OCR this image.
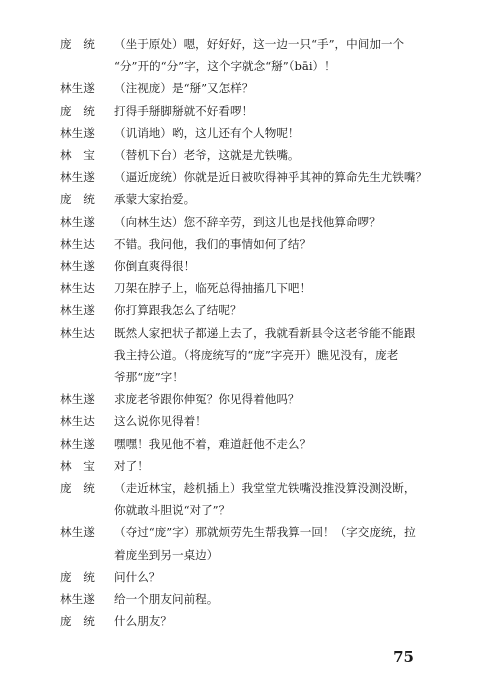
庞　统	（坐于原处）嗯，好好好，这一边一只“手”，中间加一个
“分”开的“分”字，这个字就念“掰”（bāi）！
林生遂	（注视庞）是“掰”又怎样？
庞　统	打得手掰脚掰就不好看啰！
林生遂	（讥诮地）哟，这儿还有个人物呢！
林　宝	（替机下台）老爷，这就是尤铁嘴。
林生遂	（逼近庞统）你就是近日被吹得神乎其神的算命先生尤铁嘴？
庞　统	承蒙大家抬爱。
林生遂	（向林生达）您不辞辛劳，到这儿也是找他算命啰？
林生达	不错。我问他，我们的事情如何了结？
林生遂	你倒直爽得很！
林生达	刀架在脖子上，临死总得抽搐几下吧！
林生遂	你打算跟我怎么了结呢？
林生达	既然人家把状子都递上去了，我就看新县令这老爷能不能跟
我主持公道。（将庞统写的“庞”字亮开）瞧见没有，庞老
爷那“庞”字！
林生遂	求庞老爷跟你伸冤？你见得着他吗？
林生达	这么说你见得着！
林生遂	嘿嘿！我见他不着，难道赶他不走么？
林　宝	对了！
庞　统	（走近林宝，趁机插上）我堂堂尤铁嘴没推没算没测没断，
你就敢斗胆说“对了”？
林生遂	（夺过“庞”字）那就烦劳先生帮我算一回！（字交庞统，拉
着庞坐到另一桌边）
庞　统	问什么？
林生遂	给一个朋友问前程。
庞　统	什么朋友？
75
